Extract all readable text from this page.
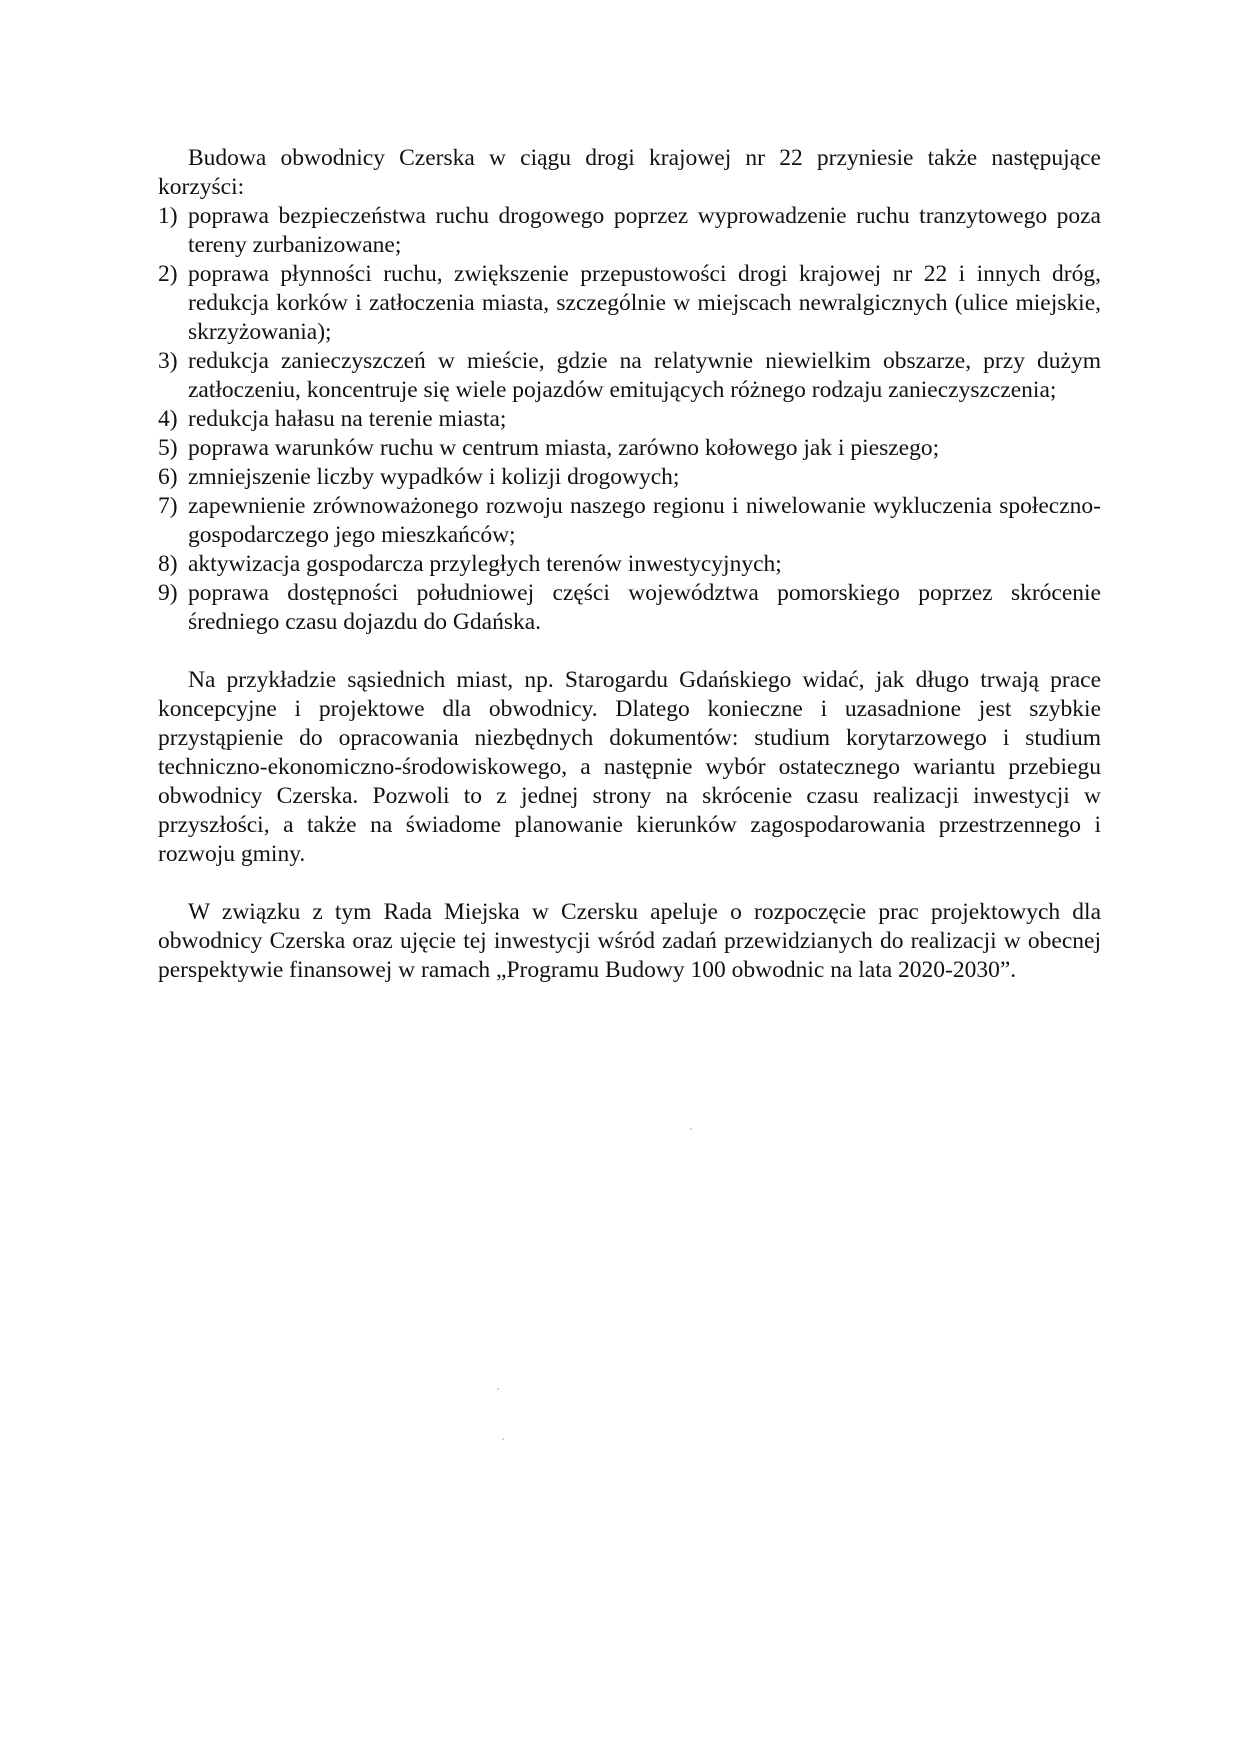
Budowa obwodnicy Czerska w ciągu drogi krajowej nr 22 przyniesie także następujące korzyści:

1) poprawa bezpieczeństwa ruchu drogowego poprzez wyprowadzenie ruchu tranzytowego poza tereny zurbanizowane;
2) poprawa płynności ruchu, zwiększenie przepustowości drogi krajowej nr 22 i innych dróg, redukcja korków i zatłoczenia miasta, szczególnie w miejscach newralgicznych (ulice miejskie, skrzyżowania);
3) redukcja zanieczyszczeń w mieście, gdzie na relatywnie niewielkim obszarze, przy dużym zatłoczeniu, koncentruje się wiele pojazdów emitujących różnego rodzaju zanieczyszczenia;
4) redukcja hałasu na terenie miasta;
5) poprawa warunków ruchu w centrum miasta, zarówno kołowego jak i pieszego;
6) zmniejszenie liczby wypadków i kolizji drogowych;
7) zapewnienie zrównoważonego rozwoju naszego regionu i niwelowanie wykluczenia społeczno-gospodarczego jego mieszkańców;
8) aktywizacja gospodarcza przyległych terenów inwestycyjnych;
9) poprawa dostępności południowej części województwa pomorskiego poprzez skrócenie średniego czasu dojazdu do Gdańska.

Na przykładzie sąsiednich miast, np. Starogardu Gdańskiego widać, jak długo trwają prace koncepcyjne i projektowe dla obwodnicy. Dlatego konieczne i uzasadnione jest szybkie przystąpienie do opracowania niezbędnych dokumentów: studium korytarzowego i studium techniczno-ekonomiczno-środowiskowego, a następnie wybór ostatecznego wariantu przebiegu obwodnicy Czerska. Pozwoli to z jednej strony na skrócenie czasu realizacji inwestycji w przyszłości, a także na świadome planowanie kierunków zagospodarowania przestrzennego i rozwoju gminy.

W związku z tym Rada Miejska w Czersku apeluje o rozpoczęcie prac projektowych dla obwodnicy Czerska oraz ujęcie tej inwestycji wśród zadań przewidzianych do realizacji w obecnej perspektywie finansowej w ramach „Programu Budowy 100 obwodnic na lata 2020-2030”.
